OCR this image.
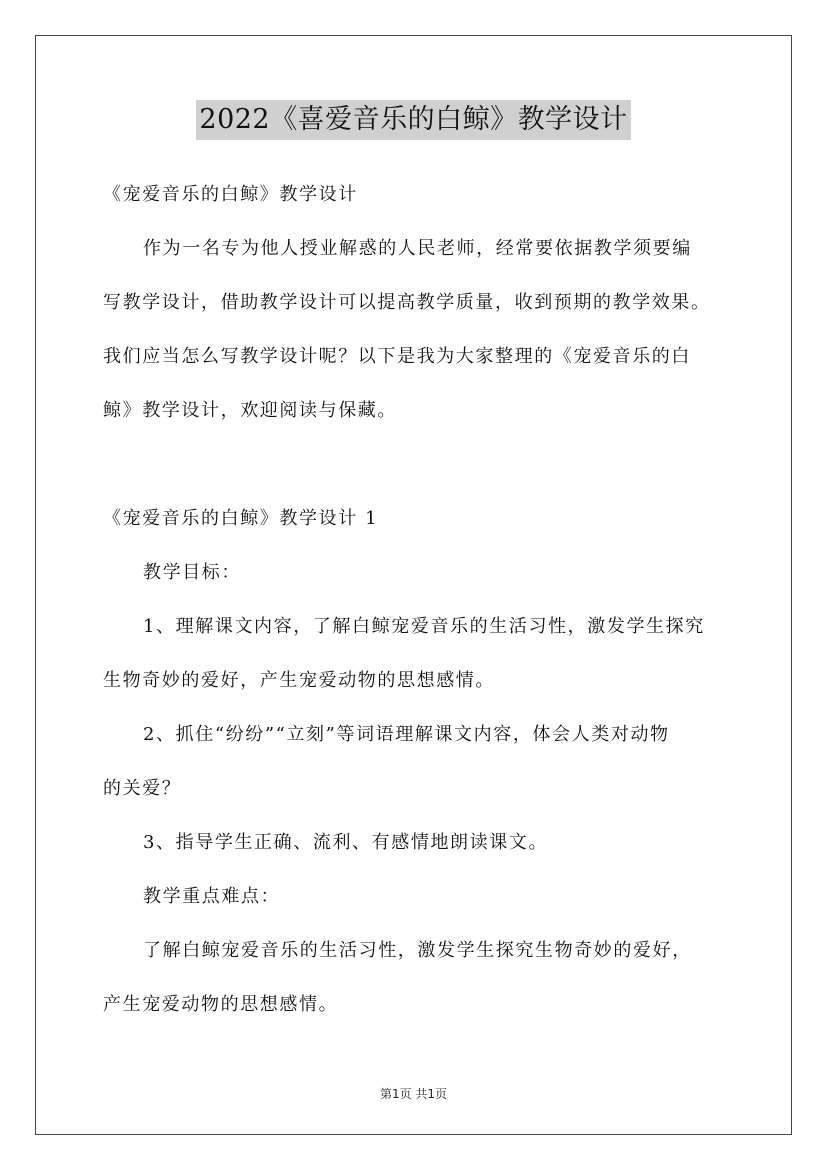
2022《喜爱音乐的白鲸》教学设计
《宠爱音乐的白鲸》教学设计
作为一名专为他人授业解惑的人民老师，经常要依据教学须要编
写教学设计，借助教学设计可以提高教学质量，收到预期的教学效果。
我们应当怎么写教学设计呢？以下是我为大家整理的《宠爱音乐的白
鲸》教学设计，欢迎阅读与保藏。
《宠爱音乐的白鲸》教学设计 1
教学目标：
1、理解课文内容，了解白鲸宠爱音乐的生活习性，激发学生探究
生物奇妙的爱好，产生宠爱动物的思想感情。
2、抓住“纷纷”“立刻”等词语理解课文内容，体会人类对动物
的关爱？
3、指导学生正确、流利、有感情地朗读课文。
教学重点难点：
了解白鲸宠爱音乐的生活习性，激发学生探究生物奇妙的爱好，
产生宠爱动物的思想感情。
第1页 共1页
